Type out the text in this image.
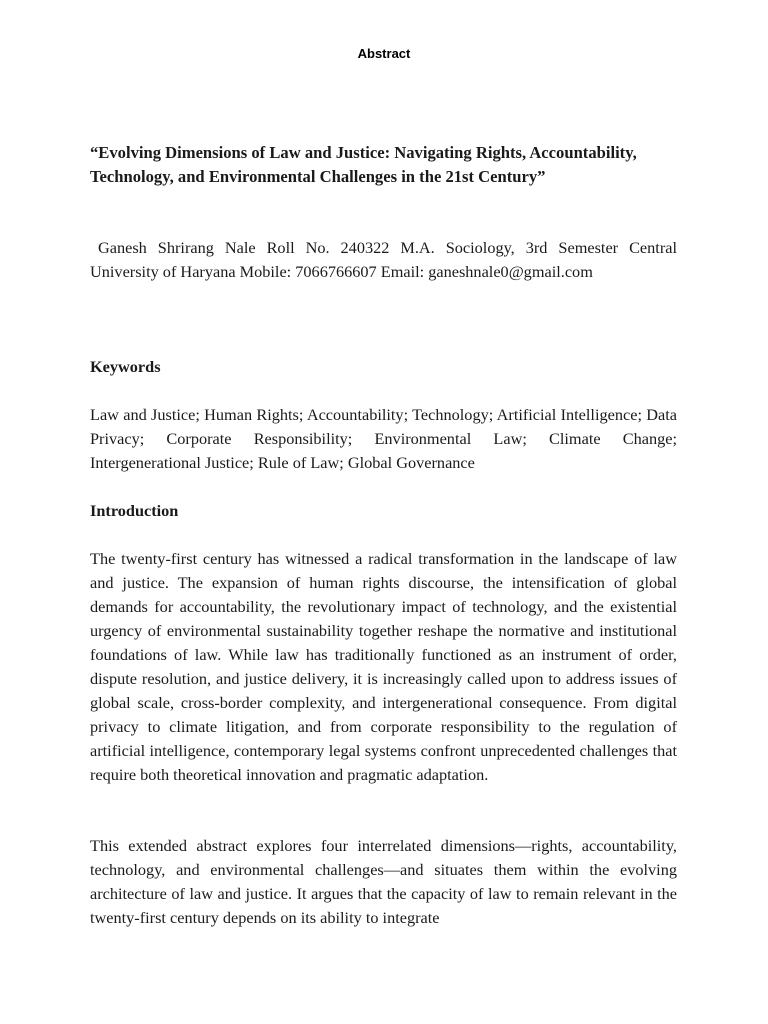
Abstract
“Evolving Dimensions of Law and Justice: Navigating Rights, Accountability, Technology, and Environmental Challenges in the 21st Century”
Ganesh Shrirang Nale Roll No. 240322 M.A. Sociology, 3rd Semester Central University of Haryana Mobile: 7066766607 Email: ganeshnale0@gmail.com
Keywords
Law and Justice; Human Rights; Accountability; Technology; Artificial Intelligence; Data Privacy; Corporate Responsibility; Environmental Law; Climate Change; Intergenerational Justice; Rule of Law; Global Governance
Introduction
The twenty-first century has witnessed a radical transformation in the landscape of law and justice. The expansion of human rights discourse, the intensification of global demands for accountability, the revolutionary impact of technology, and the existential urgency of environmental sustainability together reshape the normative and institutional foundations of law. While law has traditionally functioned as an instrument of order, dispute resolution, and justice delivery, it is increasingly called upon to address issues of global scale, cross-border complexity, and intergenerational consequence. From digital privacy to climate litigation, and from corporate responsibility to the regulation of artificial intelligence, contemporary legal systems confront unprecedented challenges that require both theoretical innovation and pragmatic adaptation.
This extended abstract explores four interrelated dimensions—rights, accountability, technology, and environmental challenges—and situates them within the evolving architecture of law and justice. It argues that the capacity of law to remain relevant in the twenty-first century depends on its ability to integrate
